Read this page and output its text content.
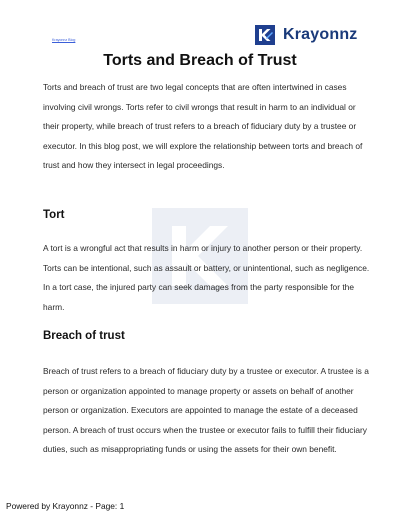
Krayonnz Blog	Krayonnz
Torts and Breach of Trust

Torts and breach of trust are two legal concepts that are often intertwined in cases involving civil wrongs. Torts refer to civil wrongs that result in harm to an individual or their property, while breach of trust refers to a breach of fiduciary duty by a trustee or executor. In this blog post, we will explore the relationship between torts and breach of trust and how they intersect in legal proceedings.

Tort

A tort is a wrongful act that results in harm or injury to another person or their property. Torts can be intentional, such as assault or battery, or unintentional, such as negligence. In a tort case, the injured party can seek damages from the party responsible for the harm.

Breach of trust

Breach of trust refers to a breach of fiduciary duty by a trustee or executor. A trustee is a person or organization appointed to manage property or assets on behalf of another person or organization. Executors are appointed to manage the estate of a deceased person. A breach of trust occurs when the trustee or executor fails to fulfill their fiduciary duties, such as misappropriating funds or using the assets for their own benefit.

Powered by Krayonnz - Page: 1
